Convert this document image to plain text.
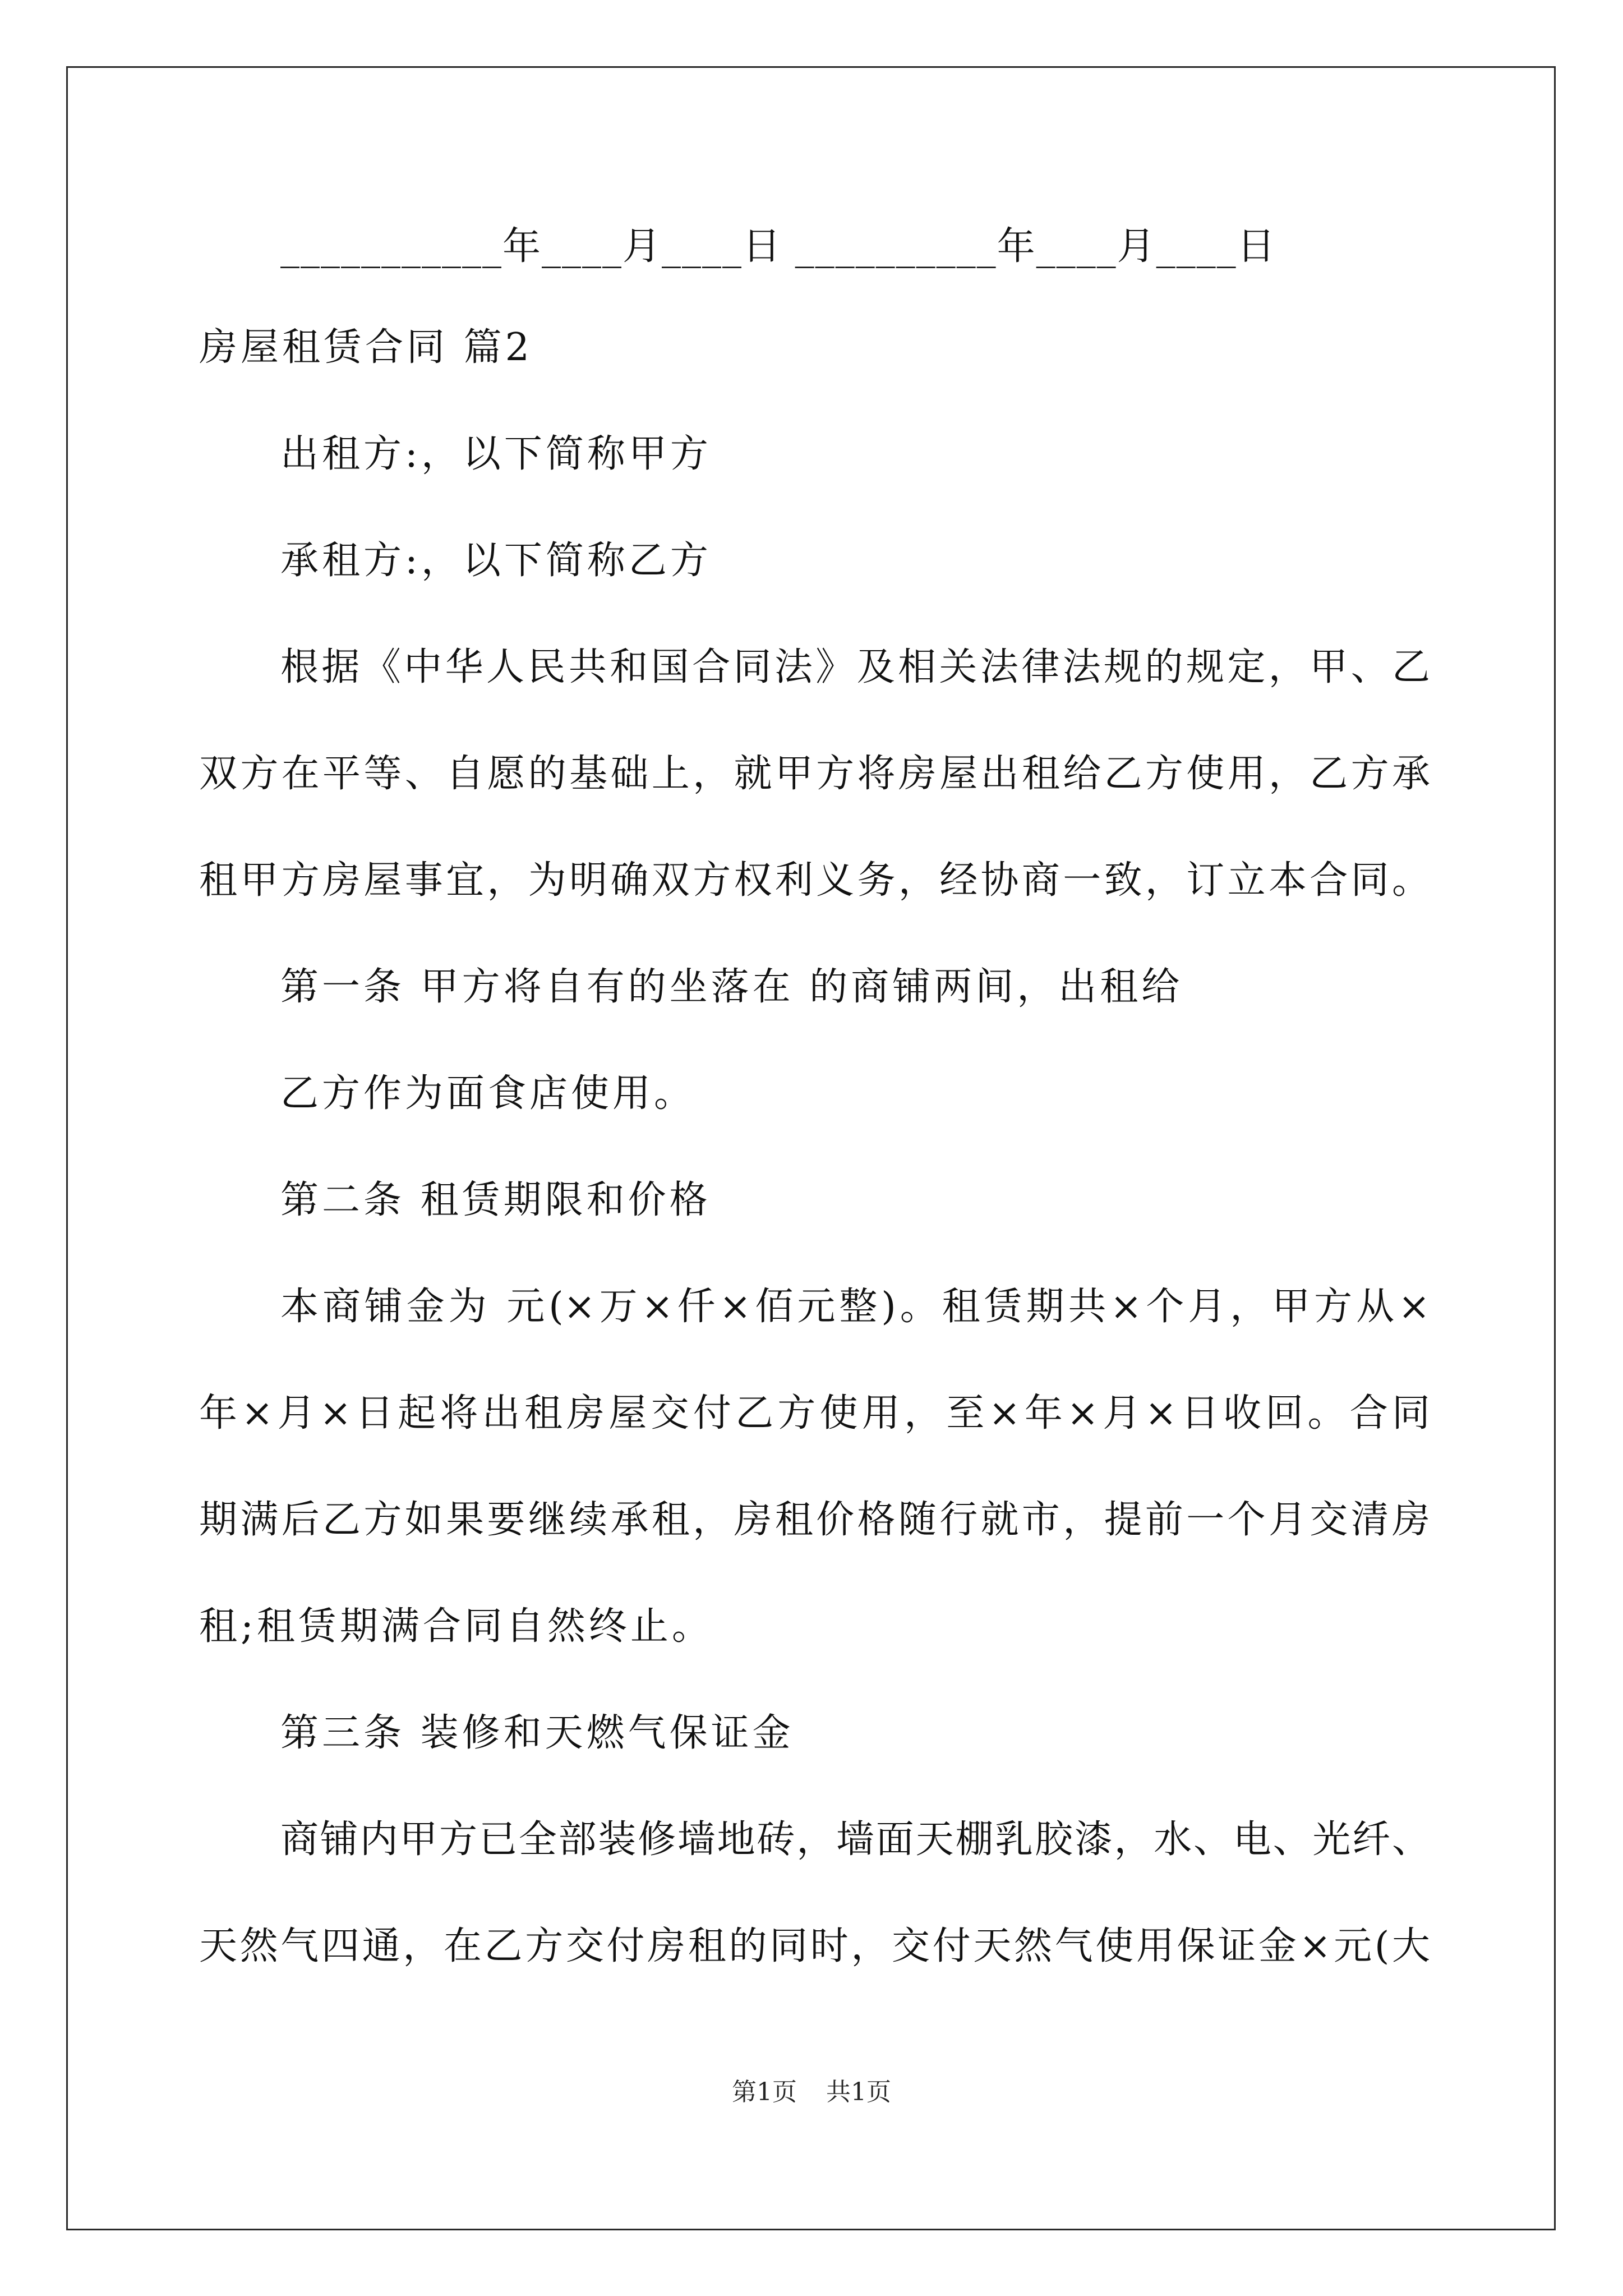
___________年____月____日 __________年____月____日
房屋租赁合同 篇2
出租方:，以下简称甲方
承租方:，以下简称乙方
根据《中华人民共和国合同法》及相关法律法规的规定，甲、乙
双方在平等、自愿的基础上，就甲方将房屋出租给乙方使用，乙方承
租甲方房屋事宜，为明确双方权利义务，经协商一致，订立本合同。
第一条 甲方将自有的坐落在 的商铺两间，出租给
乙方作为面食店使用。
第二条 租赁期限和价格
本商铺金为 元(×万×仟×佰元整)。租赁期共×个月，甲方从×
年×月×日起将出租房屋交付乙方使用，至×年×月×日收回。合同
期满后乙方如果要继续承租，房租价格随行就市，提前一个月交清房
租;租赁期满合同自然终止。
第三条 装修和天燃气保证金
商铺内甲方已全部装修墙地砖，墙面天棚乳胶漆，水、电、光纤、
天然气四通，在乙方交付房租的同时，交付天然气使用保证金×元(大
第1页 共1页
